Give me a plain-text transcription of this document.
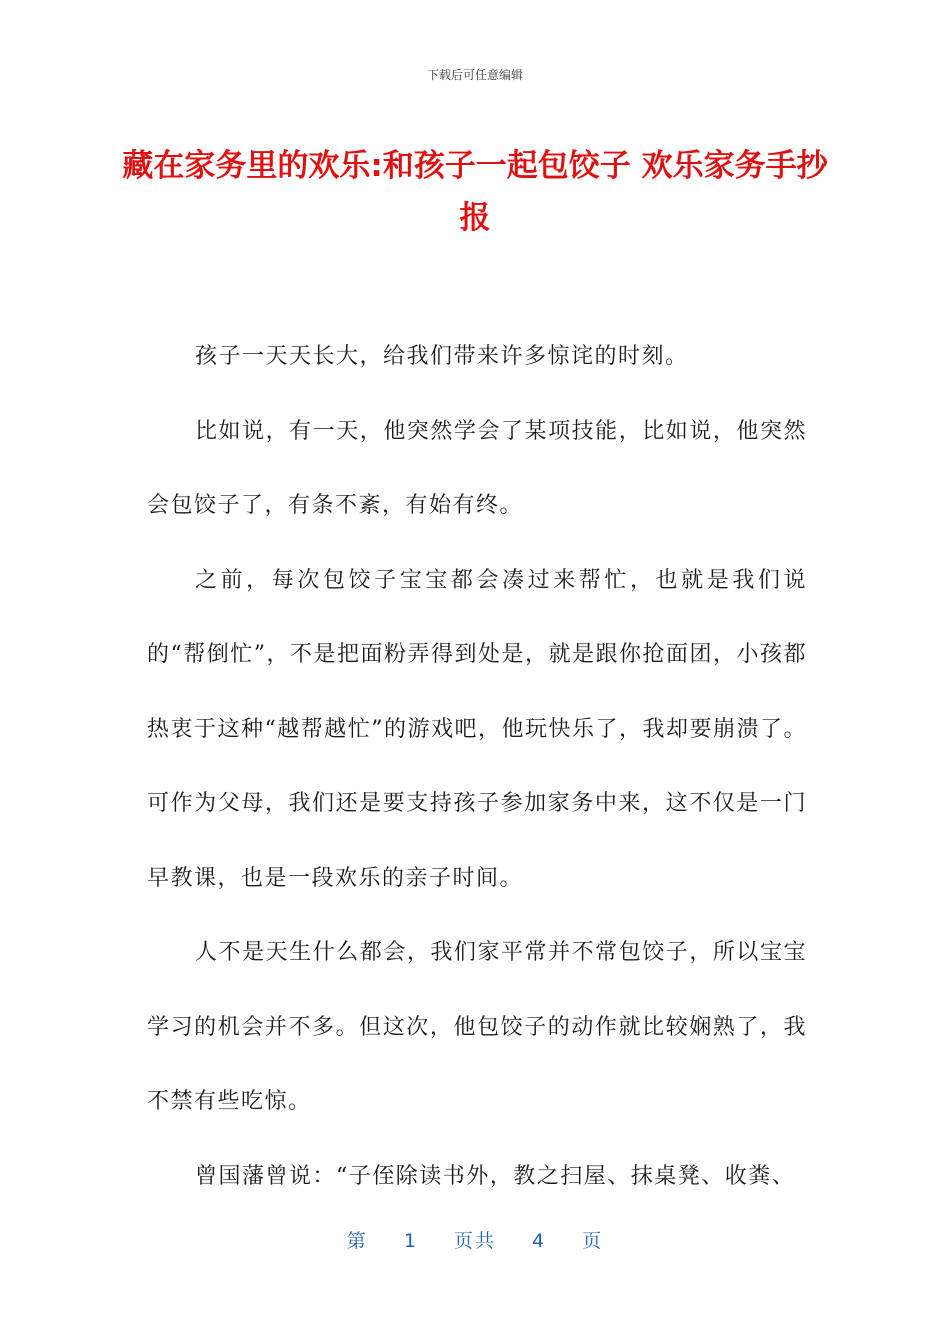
下载后可任意编辑
藏在家务里的欢乐:和孩子一起包饺子 欢乐家务手抄报

孩子一天天长大，给我们带来许多惊诧的时刻。

比如说，有一天，他突然学会了某项技能，比如说，他突然会包饺子了，有条不紊，有始有终。

之前，每次包饺子宝宝都会凑过来帮忙，也就是我们说的“帮倒忙”，不是把面粉弄得到处是，就是跟你抢面团，小孩都热衷于这种“越帮越忙”的游戏吧，他玩快乐了，我却要崩溃了。可作为父母，我们还是要支持孩子参加家务中来，这不仅是一门早教课，也是一段欢乐的亲子时间。

人不是天生什么都会，我们家平常并不常包饺子，所以宝宝学习的机会并不多。但这次，他包饺子的动作就比较娴熟了，我不禁有些吃惊。

曾国藩曾说：“子侄除读书外，教之扫屋、抹桌凳、收粪、

第 1 页共 4 页
